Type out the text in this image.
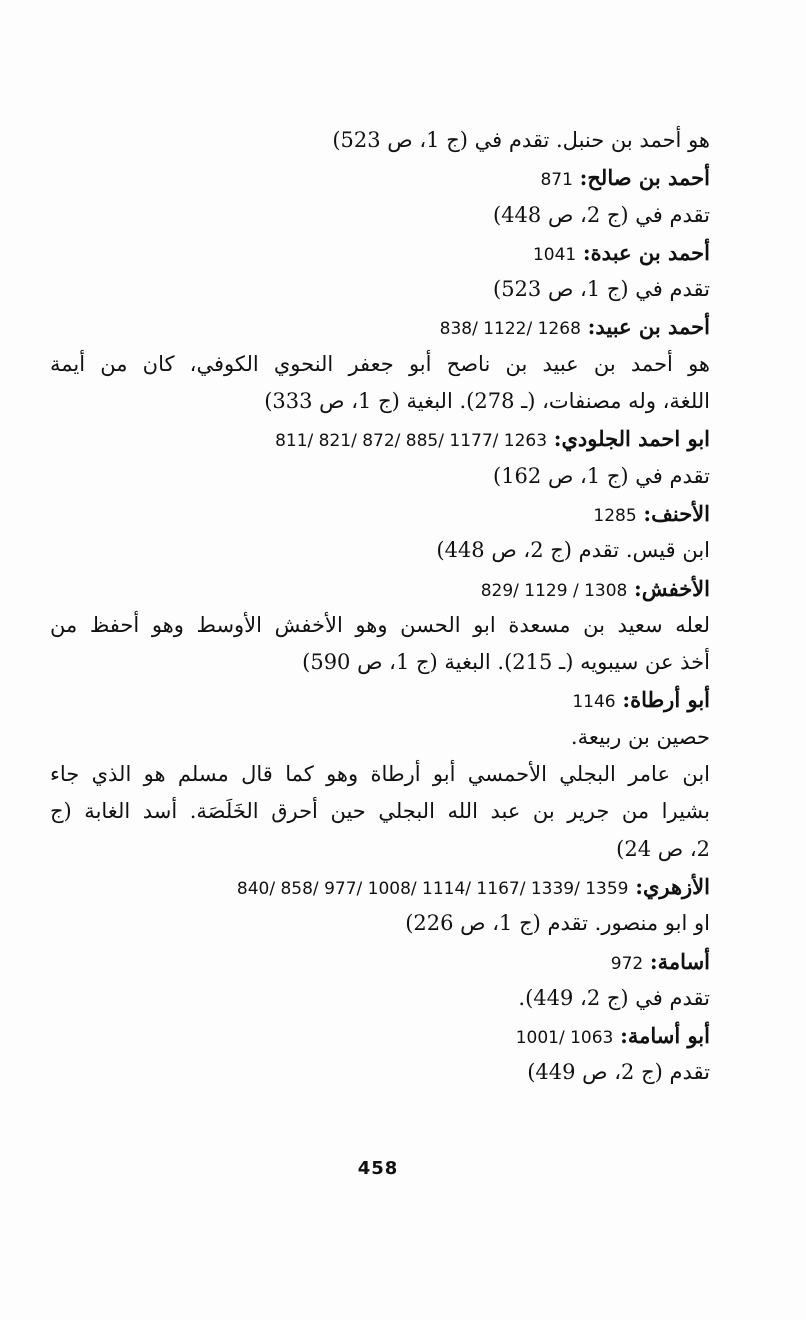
هو أحمد بن حنبل. تقدم في (ج 1، ص 523)
أحمد بن صالح: 871
تقدم في (ج 2، ص 448)
أحمد بن عبدة: 1041
تقدم في (ج 1، ص 523)
أحمد بن عبيد: 838/ 1122/ 1268
هو أحمد بن عبيد بن ناصح أبو جعفر النحوي الكوفي، كان من أيمة
اللغة، وله مصنفات، (ـ 278). البغية (ج 1، ص 333)
ابو احمد الجلودي: 811/ 821/ 872/ 885/ 1177/ 1263
تقدم في (ج 1، ص 162)
الأحنف: 1285
ابن قيس. تقدم (ج 2، ص 448)
الأخفش: 829/ 1129 / 1308
لعله سعيد بن مسعدة ابو الحسن وهو الأخفش الأوسط وهو أحفظ من
أخذ عن سيبويه (ـ 215). البغية (ج 1، ص 590)
أبو أرطاة: 1146
حصين بن ربيعة.
ابن عامر البجلي الأحمسي أبو أرطاة وهو كما قال مسلم هو الذي جاء
بشيرا من جرير بن عبد الله البجلي حين أحرق الخَلَصَة. أسد الغابة (ج
2، ص 24)
الأزهري: 840/ 858/ 977/ 1008/ 1114/ 1167/ 1339/ 1359
او ابو منصور. تقدم (ج 1، ص 226)
أسامة: 972
تقدم في (ج 2، 449).
أبو أسامة: 1001/ 1063
تقدم (ج 2، ص 449)
458
